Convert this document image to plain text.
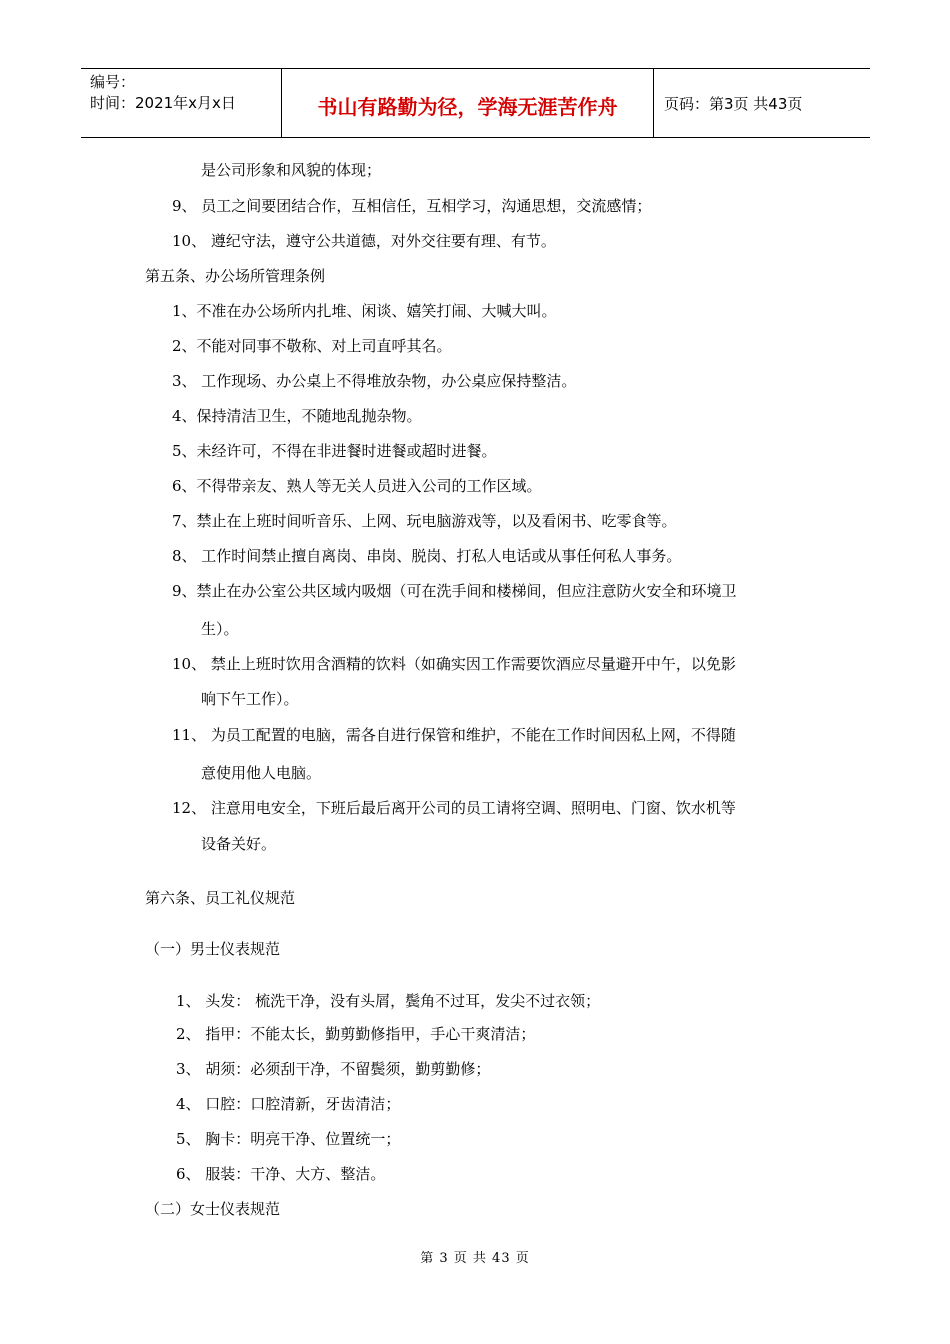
编号：
时间：2021年x月x日	书山有路勤为径，学海无涯苦作舟	页码：第3页 共43页
是公司形象和风貌的体现；
9、 员工之间要团结合作，互相信任，互相学习，沟通思想，交流感情；
10、 遵纪守法，遵守公共道德，对外交往要有理、有节。
第五条、办公场所管理条例
1、不准在办公场所内扎堆、闲谈、嬉笑打闹、大喊大叫。
2、不能对同事不敬称、对上司直呼其名。
3、 工作现场、办公桌上不得堆放杂物，办公桌应保持整洁。
4、保持清洁卫生，不随地乱抛杂物。
5、未经许可，不得在非进餐时进餐或超时进餐。
6、不得带亲友、熟人等无关人员进入公司的工作区域。
7、禁止在上班时间听音乐、上网、玩电脑游戏等，以及看闲书、吃零食等。
8、 工作时间禁止擅自离岗、串岗、脱岗、打私人电话或从事任何私人事务。
9、禁止在办公室公共区域内吸烟（可在洗手间和楼梯间，但应注意防火安全和环境卫
生）。
10、 禁止上班时饮用含酒精的饮料（如确实因工作需要饮酒应尽量避开中午，以免影
响下午工作）。
11、 为员工配置的电脑，需各自进行保管和维护，不能在工作时间因私上网，不得随
意使用他人电脑。
12、 注意用电安全，下班后最后离开公司的员工请将空调、照明电、门窗、饮水机等
设备关好。
第六条、员工礼仪规范
（一）男士仪表规范
1、 头发： 梳洗干净，没有头屑，鬓角不过耳，发尖不过衣领；
2、 指甲：不能太长，勤剪勤修指甲，手心干爽清洁；
3、 胡须：必须刮干净，不留鬓须，勤剪勤修；
4、 口腔：口腔清新，牙齿清洁；
5、 胸卡：明亮干净、位置统一；
6、 服装：干净、大方、整洁。
（二）女士仪表规范
第 3 页 共 43 页
